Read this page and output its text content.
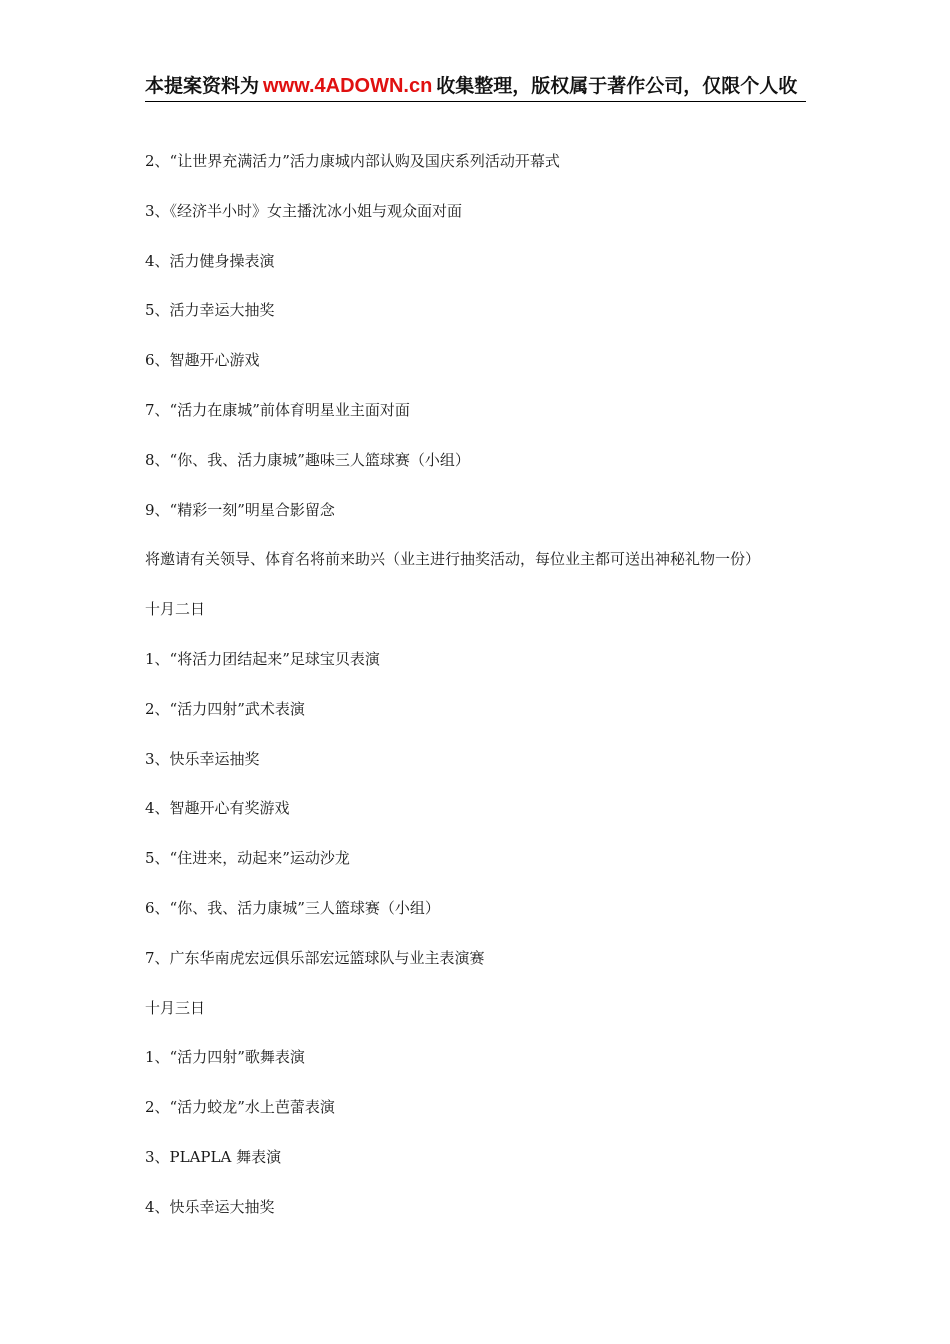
本提案资料为 www.4ADOWN.cn 收集整理，版权属于著作公司，仅限个人收
2、“让世界充满活力”活力康城内部认购及国庆系列活动开幕式
3、《经济半小时》女主播沈冰小姐与观众面对面
4、活力健身操表演
5、活力幸运大抽奖
6、智趣开心游戏
7、“活力在康城”前体育明星业主面对面
8、“你、我、活力康城”趣味三人篮球赛（小组）
9、“精彩一刻”明星合影留念
将邀请有关领导、体育名将前来助兴（业主进行抽奖活动，每位业主都可送出神秘礼物一份）
十月二日
1、“将活力团结起来”足球宝贝表演
2、“活力四射”武术表演
3、快乐幸运抽奖
4、智趣开心有奖游戏
5、“住进来，动起来”运动沙龙
6、“你、我、活力康城”三人篮球赛（小组）
7、广东华南虎宏远俱乐部宏远篮球队与业主表演赛
十月三日
1、“活力四射”歌舞表演
2、“活力蛟龙”水上芭蕾表演
3、PLAPLA 舞表演
4、快乐幸运大抽奖
